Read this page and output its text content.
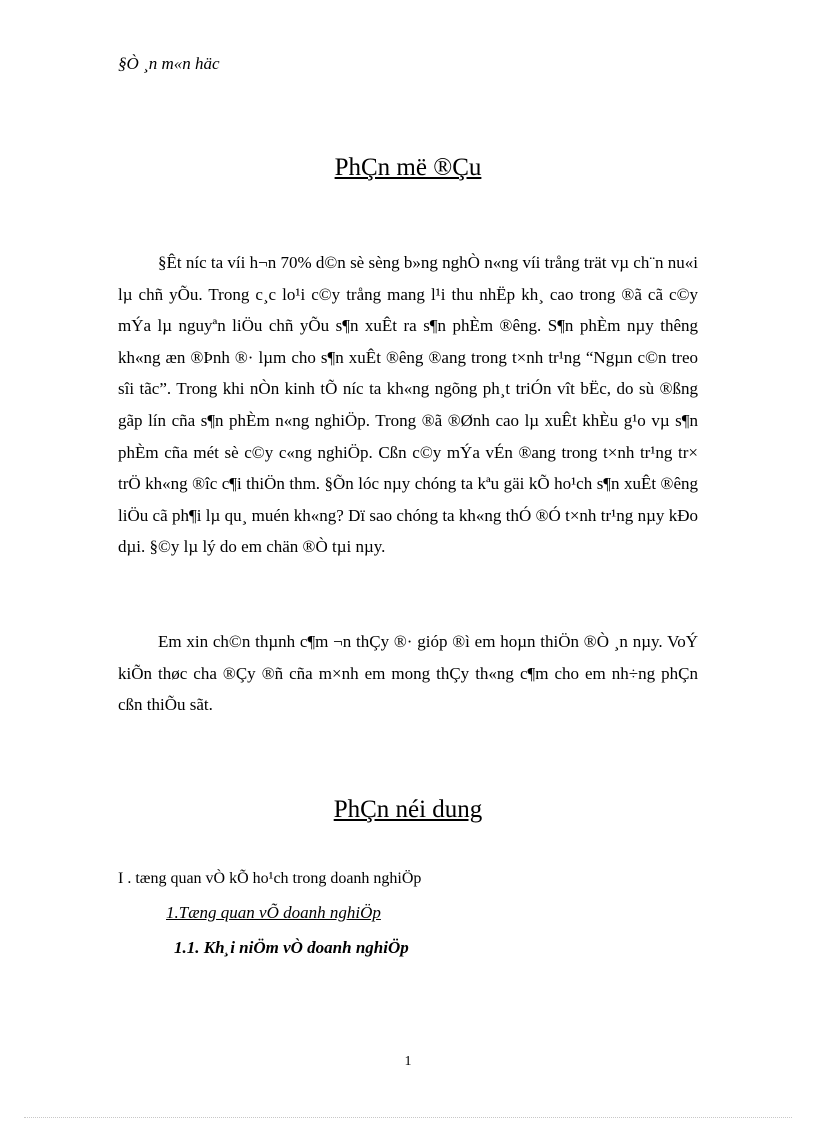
§Ò ¸n m«n häc
PhÇn më ®Çu

§Êt níc ta víi h¬n 70% d©n sè sèng b»ng nghÒ n«ng víi trång trät vµ ch¨n nu«i lµ chñ yÕu. Trong c¸c lo¹i c©y trång mang l¹i thu nhËp kh¸ cao trong ®ã cã c©y mÝa lµ nguyªn liÖu chñ yÕu s¶n xuÊt ra s¶n phÈm ®êng. S¶n phÈm nµy thêng kh«ng æn ®Þnh ®· lµm cho s¶n xuÊt ®êng ®ang trong t×nh tr¹ng “Ngµn c©n treo sîi tãc”. Trong khi nÒn kinh tÕ níc ta kh«ng ngõng ph¸t triÓn vît bËc, do sù ®ßng gãp lín cña s¶n phÈm n«ng nghiÖp. Trong ®ã ®Ønh cao lµ xuÊt khÈu g¹o vµ s¶n phÈm cña mét sè c©y c«ng nghiÖp. Cßn c©y mÝa vÉn ®ang trong t×nh tr¹ng tr× trÖ kh«ng ®îc c¶i thiÖn thm. §Õn lóc nµy chóng ta kªu gäi kÕ ho¹ch s¶n xuÊt ®êng liÖu cã ph¶i lµ qu¸ muén kh«ng? Dï sao chóng ta kh«ng thÓ ®Ó t×nh tr¹ng nµy kÐo dµi. §©y lµ lý do em chän ®Ò tµi nµy.

Em xin ch©n thµnh c¶m ¬n thÇy ®· gióp ®ì em hoµn thiÖn ®Ò ¸n nµy. VoÝ kiÕn thøc cha ®Çy ®ñ cña m×nh em mong thÇy th«ng c¶m cho em nh÷ng phÇn cßn thiÕu sãt.

PhÇn néi dung
I . tæng quan vÒ kÕ ho¹ch trong doanh nghiÖp
1.Tæng quan vÕ doanh nghiÖp
1.1. Kh¸i niÖm vÒ doanh nghiÖp
1
